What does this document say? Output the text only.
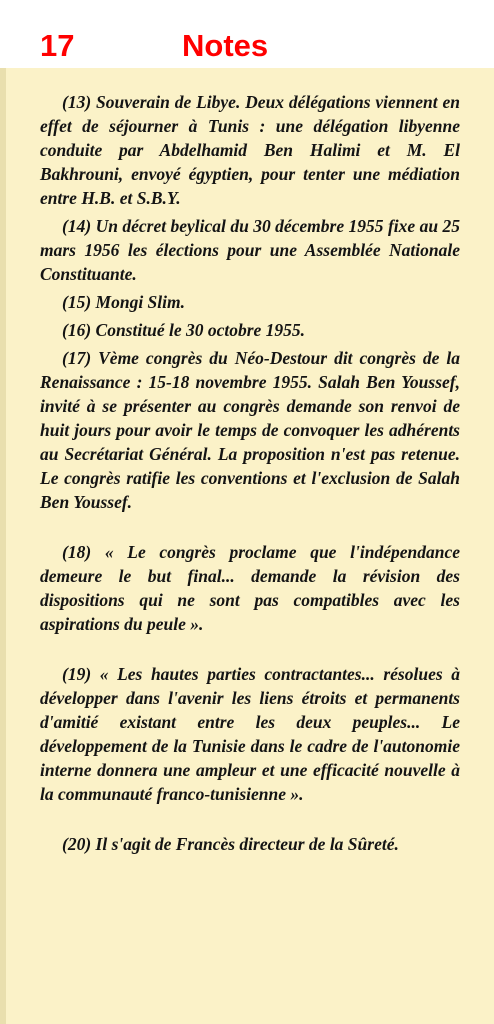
17	Notes

(13) Souverain de Libye. Deux délégations viennent en effet de séjourner à Tunis : une délégation libyenne conduite par Abdelhamid Ben Halimi et M. El Bakhrouni, envoyé égyptien, pour tenter une médiation entre H.B. et S.B.Y.

(14) Un décret beylical du 30 décembre 1955 fixe au 25 mars 1956 les élections pour une Assemblée Nationale Constituante.

(15) Mongi Slim.

(16) Constitué le 30 octobre 1955.

(17) Vème congrès du Néo-Destour dit congrès de la Renaissance : 15-18 novembre 1955. Salah Ben Youssef, invité à se présenter au congrès demande son renvoi de huit jours pour avoir le temps de convoquer les adhérents au Secrétariat Général. La proposition n'est pas retenue. Le congrès ratifie les conventions et l'exclusion de Salah Ben Youssef.

(18) « Le congrès proclame que l'indépendance demeure le but final... demande la révision des dispositions qui ne sont pas compatibles avec les aspirations du peule ».

(19) « Les hautes parties contractantes... résolues à développer dans l'avenir les liens étroits et permanents d'amitié existant entre les deux peuples... Le développement de la Tunisie dans le cadre de l'autonomie interne donnera une ampleur et une efficacité nouvelle à la communauté franco-tunisienne ».

(20) Il s'agit de Francès directeur de la Sûreté.
